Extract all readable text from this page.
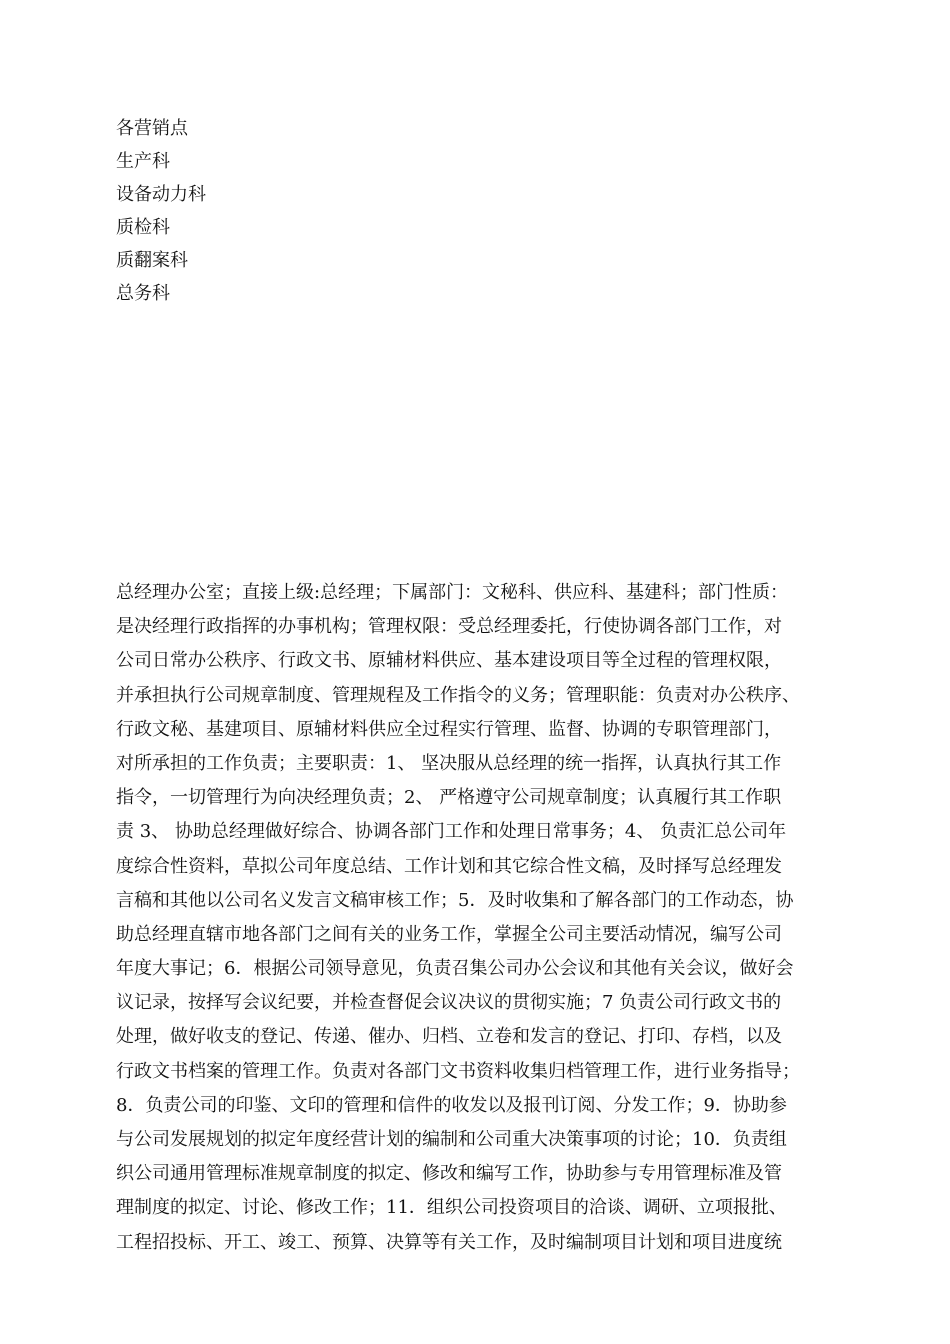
各营销点
生产科
设备动力科
质检科
质翻案科
总务科
总经理办公室；直接上级:总经理；下属部门：文秘科、供应科、基建科；部门性质：
是决经理行政指挥的办事机构；管理权限：受总经理委托，行使协调各部门工作，对
公司日常办公秩序、行政文书、原辅材料供应、基本建设项目等全过程的管理权限，
并承担执行公司规章制度、管理规程及工作指令的义务；管理职能：负责对办公秩序、
行政文秘、基建项目、原辅材料供应全过程实行管理、监督、协调的专职管理部门，
对所承担的工作负责；主要职责：1、 坚决服从总经理的统一指挥，认真执行其工作
指令，一切管理行为向决经理负责；2、 严格遵守公司规章制度；认真履行其工作职
责 3、 协助总经理做好综合、协调各部门工作和处理日常事务；4、 负责汇总公司年
度综合性资料，草拟公司年度总结、工作计划和其它综合性文稿，及时择写总经理发
言稿和其他以公司名义发言文稿审核工作；5．及时收集和了解各部门的工作动态，协
助总经理直辖市地各部门之间有关的业务工作，掌握全公司主要活动情况，编写公司
年度大事记；6．根据公司领导意见，负责召集公司办公会议和其他有关会议，做好会
议记录，按择写会议纪要，并检查督促会议决议的贯彻实施；7 负责公司行政文书的
处理，做好收支的登记、传递、催办、归档、立卷和发言的登记、打印、存档，以及
行政文书档案的管理工作。负责对各部门文书资料收集归档管理工作，进行业务指导；
8．负责公司的印鉴、文印的管理和信件的收发以及报刊订阅、分发工作；9．协助参
与公司发展规划的拟定年度经营计划的编制和公司重大决策事项的讨论；10．负责组
织公司通用管理标准规章制度的拟定、修改和编写工作，协助参与专用管理标准及管
理制度的拟定、讨论、修改工作；11．组织公司投资项目的洽谈、调研、立项报批、
工程招投标、开工、竣工、预算、决算等有关工作，及时编制项目计划和项目进度统
